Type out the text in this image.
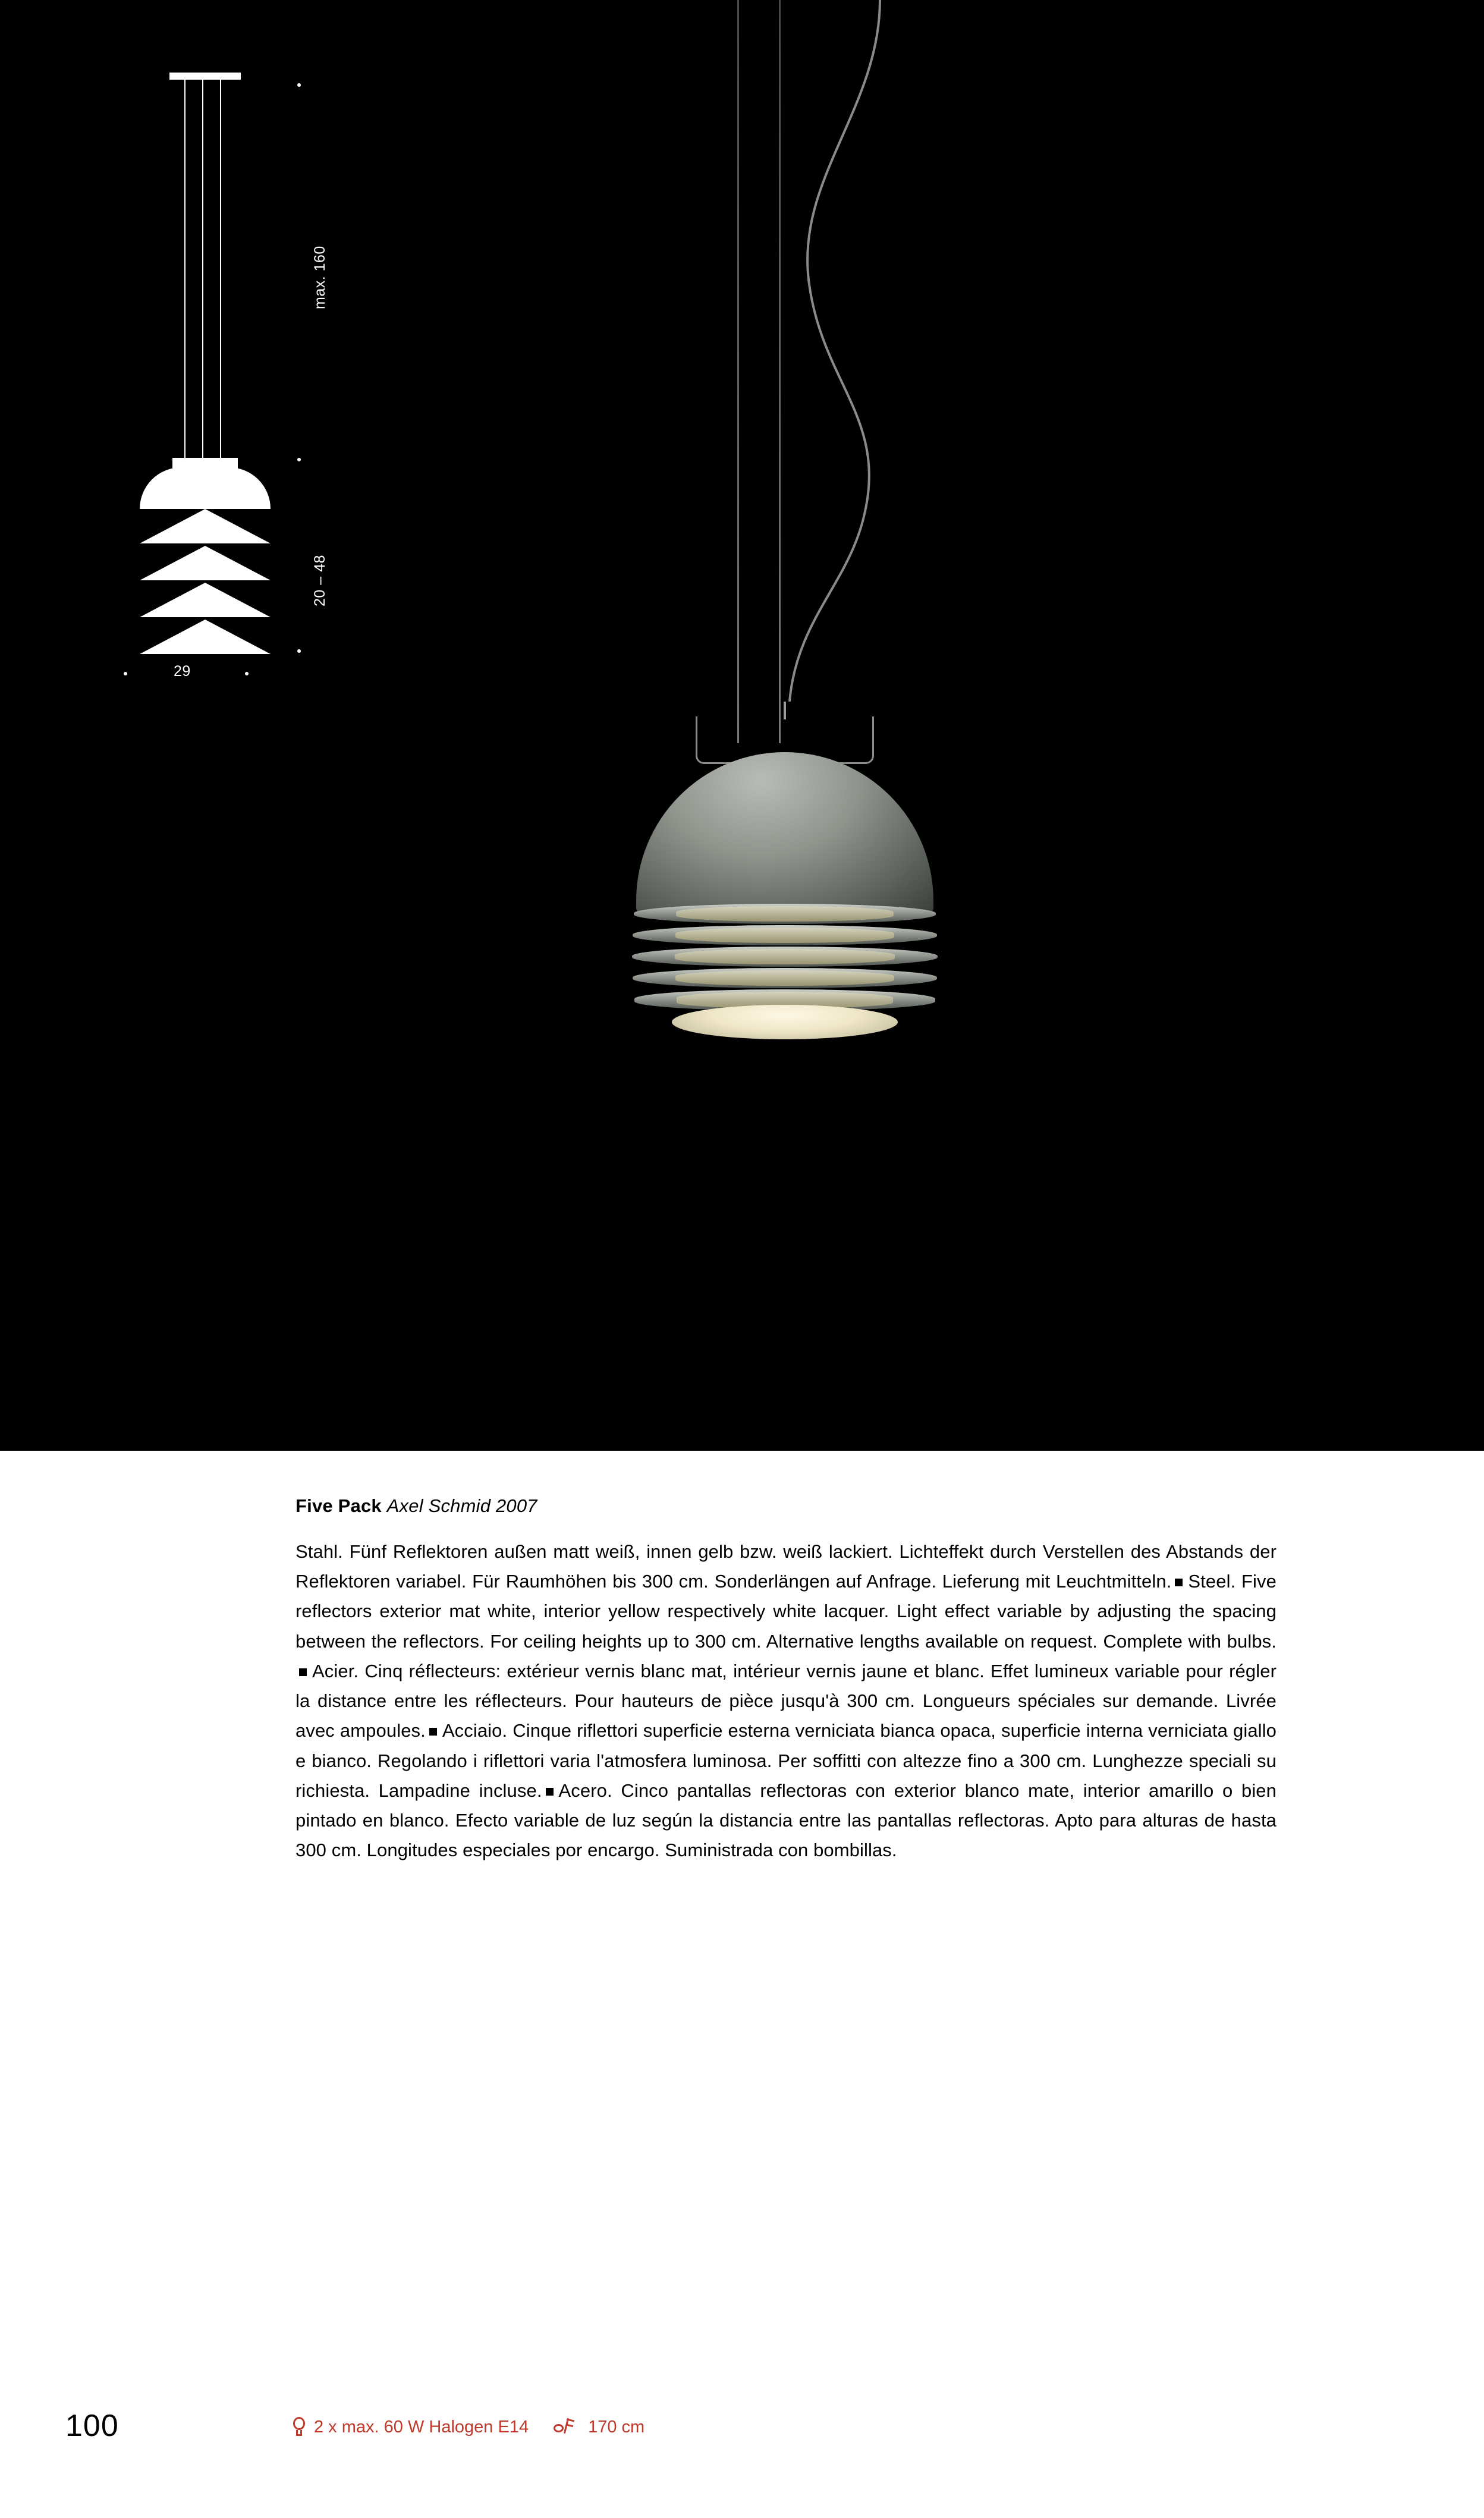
max. 160
20 – 48
29
Five Pack Axel Schmid 2007
Stahl. Fünf Reflektoren außen matt weiß, innen gelb bzw. weiß lackiert. Lichteffekt durch Verstellen des Abstands der Reflektoren variabel. Für Raumhöhen bis 300 cm. Sonderlängen auf Anfrage. Lieferung mit Leuchtmitteln. Steel. Five reflectors exterior mat white, interior yellow respectively white lacquer. Light effect variable by adjusting the spacing between the reflectors. For ceiling heights up to 300 cm. Alternative lengths available on request. Complete with bulbs.Acier. Cinq réflecteurs: extérieur vernis blanc mat, intérieur vernis jaune et blanc. Effet lumineux variable pour régler la distance entre les réflecteurs. Pour hauteurs de pièce jusqu'à 300 cm. Longueurs spéciales sur demande. Livrée avec ampoules. Acciaio. Cinque riflettori superficie esterna verniciata bianca opaca, superficie interna verniciata giallo e bianco. Regolando i riflettori varia l'atmosfera luminosa. Per soffitti con altezze fino a 300 cm. Lunghezze speciali su richiesta. Lampadine incluse. Acero. Cinco pantallas reflectoras con exterior blanco mate, interior amarillo o bien pintado en blanco. Efecto variable de luz según la distancia entre las pantallas reflectoras. Apto para alturas de hasta 300 cm. Longitudes especiales por encargo. Suministrada con bombillas.
100	2 x max. 60 W Halogen E14	170 cm
